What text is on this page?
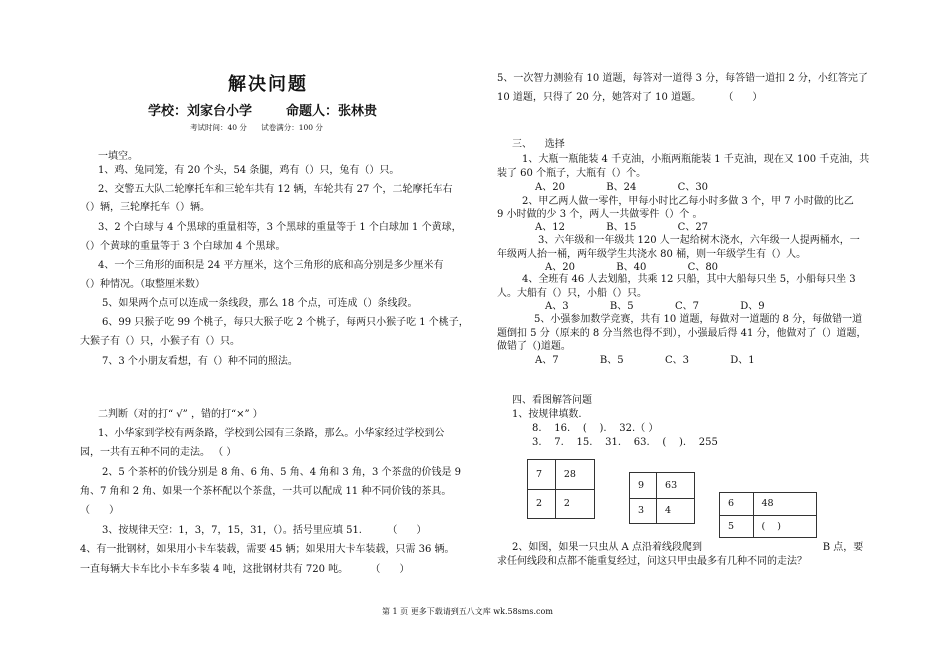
解决问题
学校：刘家台小学	命题人：张林贵
考试时间：40 分      试卷满分：100 分
一填空。
1、鸡、兔同笼，有 20 个头，54 条腿，鸡有（）只，兔有（）只。
2、交警五大队二轮摩托车和三轮车共有 12 辆，车轮共有 27 个，二轮摩托车右
（）辆，三轮摩托车（）辆。
3、2 个白球与 4 个黑球的重量相等，3 个黑球的重量等于 1 个白球加 1 个黄球，
（）个黄球的重量等于 3 个白球加 4 个黑球。
4、一个三角形的面积是 24 平方厘米，这个三角形的底和高分别是多少厘米有
（）种情况。（取整厘米数）
5、如果两个点可以连成一条线段，那么 18 个点，可连成（）条线段。
6、99 只猴子吃 99 个桃子，每只大猴子吃 2 个桃子，每两只小猴子吃 1 个桃子，
大猴子有（）只，小猴子有（）只。
7、3 个小朋友看想，有（）种不同的照法。
二判断（对的打“ √” ，错的打“×” ）
1、小华家到学校有两条路，学校到公园有三条路，那么。小华家经过学校到公
园，一共有五种不同的走法。 （ ）
2、5 个茶杯的价钱分别是 8 角、6 角、5 角、4 角和 3 角，3 个茶盘的价钱是 9
角、7 角和 2 角、如果一个茶杯配以个茶盘，一共可以配成 11 种不同价钱的茶具。
（      ）
3、按规律天空：1，3，7，15，31，（）。括号里应填 51.        （      ）
4、有一批钢材，如果用小卡车装载，需要 45 辆；如果用大卡车装载，只需 36 辆。
一直每辆大卡车比小卡车多装 4 吨，这批钢材共有 720 吨。       （      ）
5、一次智力测验有 10 道题，每答对一道得 3 分，每答错一道扣 2 分，小红答完了
10 道题，只得了 20 分，她答对了 10 道题。       （      ）
三、    选择
1、大瓶一瓶能装 4 千克油，小瓶两瓶能装 1 千克油，现在又 100 千克油，共
装了 60 个瓶子，大瓶有（）个。
A、20             B、24             C、30
2、甲乙两人做一零件，甲每小时比乙每小时多做 3 个，甲 7 小时做的比乙
9 小时做的少 3 个，两人一共做零件（）个 。
A、12             B、15             C、27
3、六年级和一年级共 120 人一起给树木浇水，六年级一人提两桶水，一
年级两人抬一桶，两年级学生共浇水 80 桶，则一年级学生有（）人。
A、20             B、40             C、80
4、全班有 46 人去划船，共乘 12 只船，其中大船每只坐 5，小船每只坐 3
人。大船有（）只，小船（）只。
A、3             B、5             C、7             D、9
5、小强参加数学竞赛，共有 10 道题，每做对一道题的 8 分，每做错一道
题倒扣 5 分（原来的 8 分当然也得不到），小强最后得 41 分，他做对了（）道题，
做错了（)道题。
A、7             B、5             C、3             D、1
四、看图解答问题
1、按规律填数.
8.    16.    (    ).    32.（ ）
3.    7.    15.    31.    63.    (    ).    255
7	28
2	2
9	63
3	4
6	48
5	(    )
2、如图，如果一只虫从 A 点沿着线段爬到                                      B 点，要
求任何线段和点都不能重复经过，问这只甲虫最多有几种不同的走法？
第 1 页 更多下载请到五八文库 wk.58sms.com
